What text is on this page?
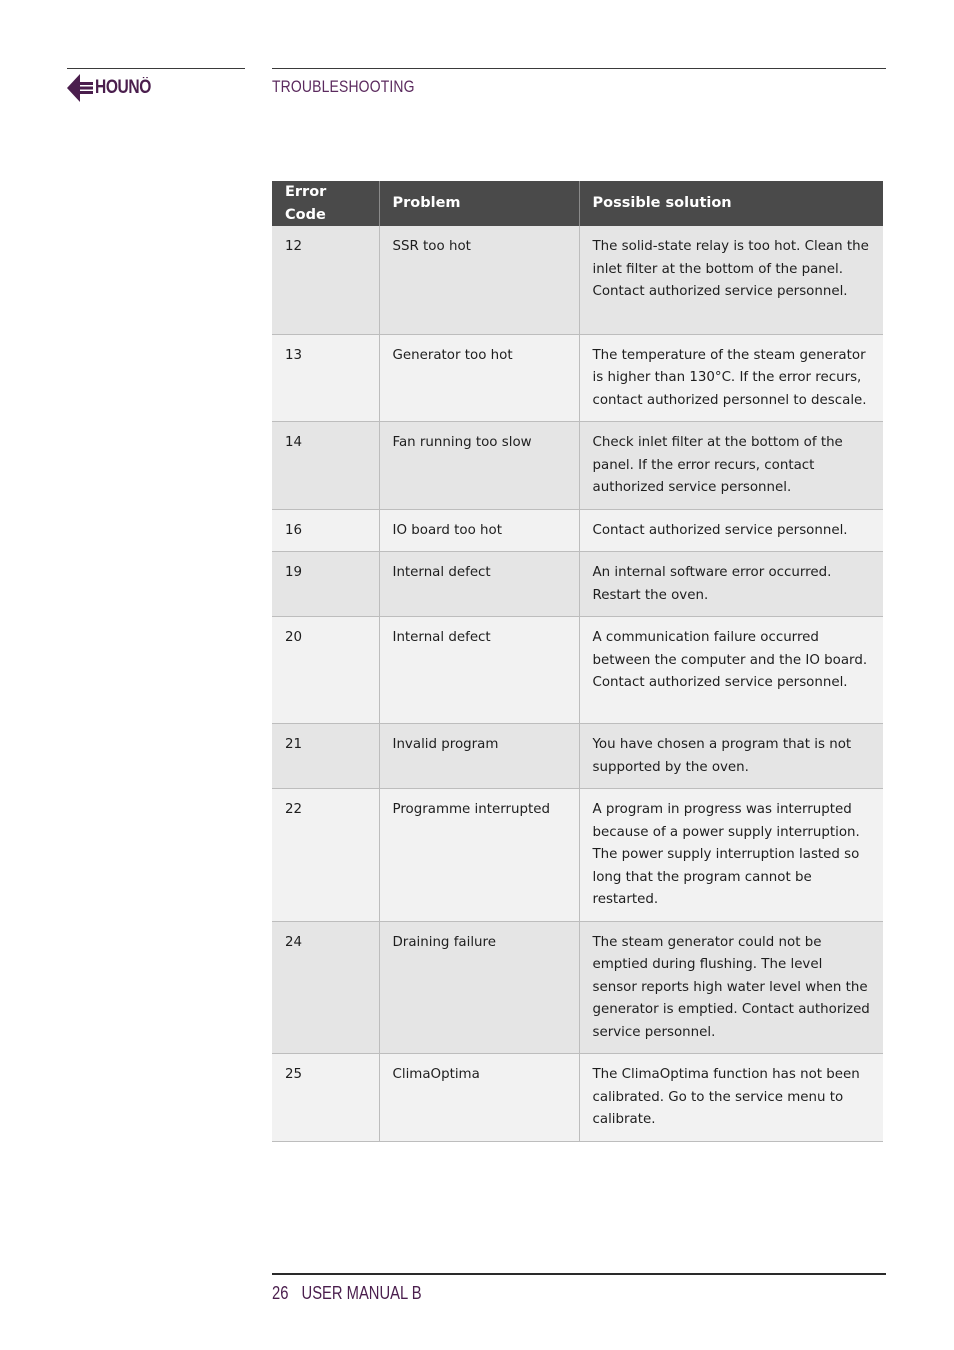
HOUNÖ	TROUBLESHOOTING
Error Code	Problem	Possible solution
12	SSR too hot	The solid-state relay is too hot. Clean the inlet filter at the bottom of the panel. Contact authorized service personnel.
13	Generator too hot	The temperature of the steam generator is higher than 130°C. If the error recurs, contact authorized personnel to descale.
14	Fan running too slow	Check inlet filter at the bottom of the panel. If the error recurs, contact authorized service personnel.
16	IO board too hot	Contact authorized service personnel.
19	Internal defect	An internal software error occurred. Restart the oven.
20	Internal defect	A communication failure occurred between the computer and the IO board. Contact authorized service personnel.
21	Invalid program	You have chosen a program that is not supported by the oven.
22	Programme interrupted	A program in progress was interrupted because of a power supply interruption. The power supply interruption lasted so long that the program cannot be restarted.
24	Draining failure	The steam generator could not be emptied during flushing. The level sensor reports high water level when the generator is emptied. Contact authorized service personnel.
25	ClimaOptima	The ClimaOptima function has not been calibrated. Go to the service menu to calibrate.
26 USER MANUAL B
